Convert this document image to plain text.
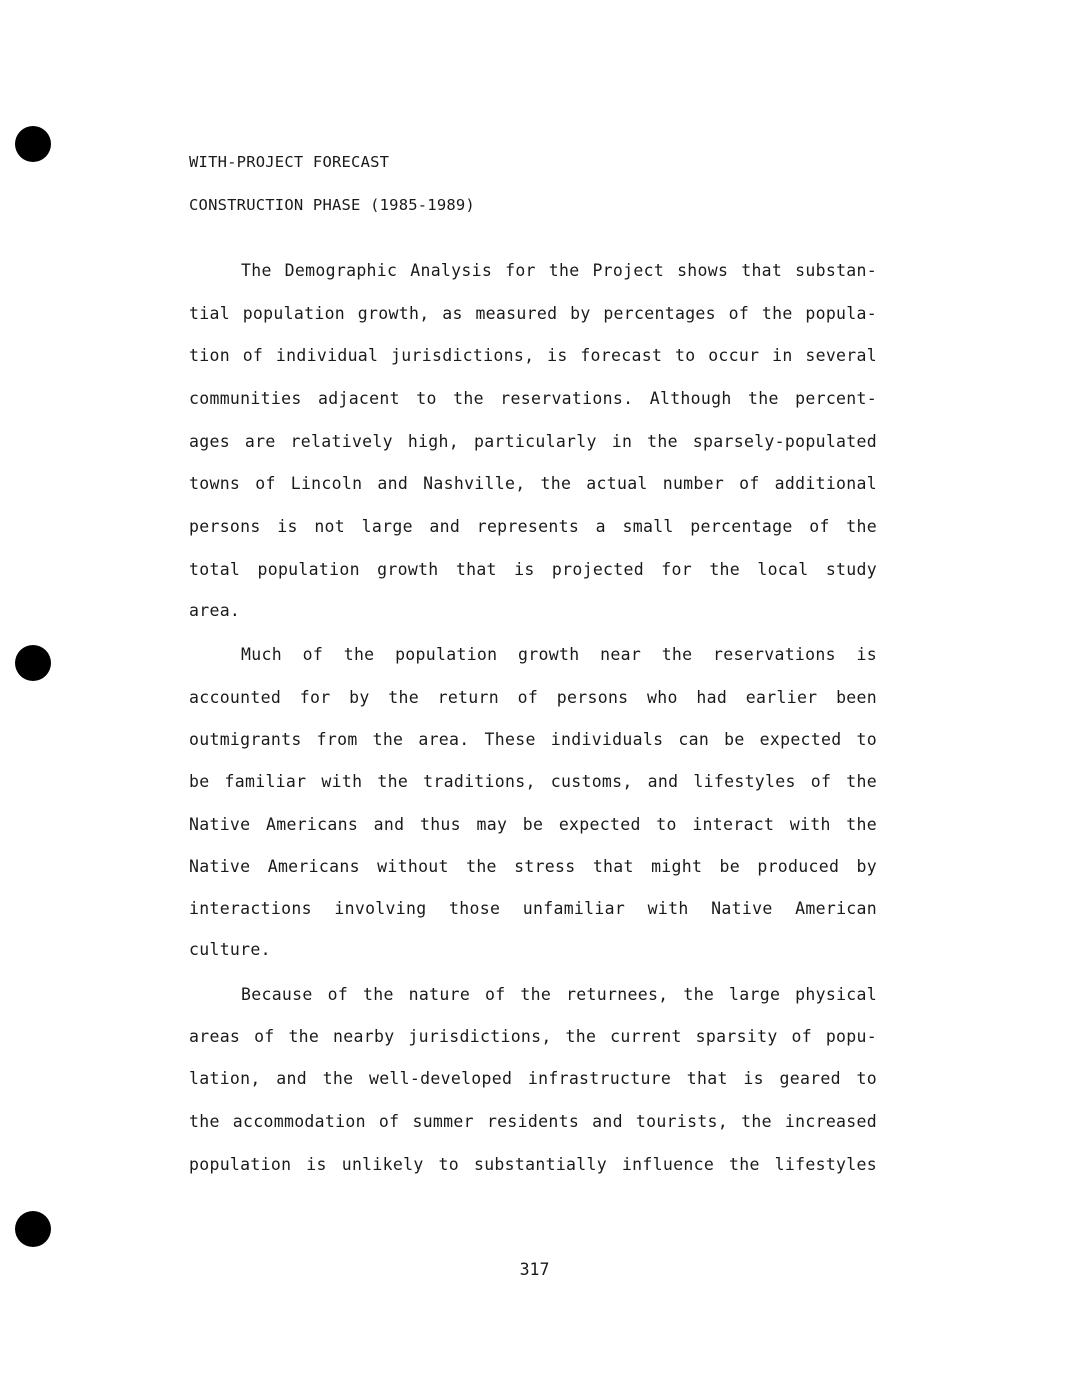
WITH-PROJECT FORECAST
CONSTRUCTION PHASE (1985-1989)
The Demographic Analysis for the Project shows that substan-
tial population growth, as measured by percentages of the popula-
tion of individual jurisdictions, is forecast to occur in several
communities adjacent to the reservations. Although the percent-
ages are relatively high, particularly in the sparsely-populated
towns of Lincoln and Nashville, the actual number of additional
persons is not large and represents a small percentage of the
total population growth that is projected for the local study
area.
Much of the population growth near the reservations is
accounted for by the return of persons who had earlier been
outmigrants from the area. These individuals can be expected to
be familiar with the traditions, customs, and lifestyles of the
Native Americans and thus may be expected to interact with the
Native Americans without the stress that might be produced by
interactions involving those unfamiliar with Native American
culture.
Because of the nature of the returnees, the large physical
areas of the nearby jurisdictions, the current sparsity of popu-
lation, and the well-developed infrastructure that is geared to
the accommodation of summer residents and tourists, the increased
population is unlikely to substantially influence the lifestyles
317
